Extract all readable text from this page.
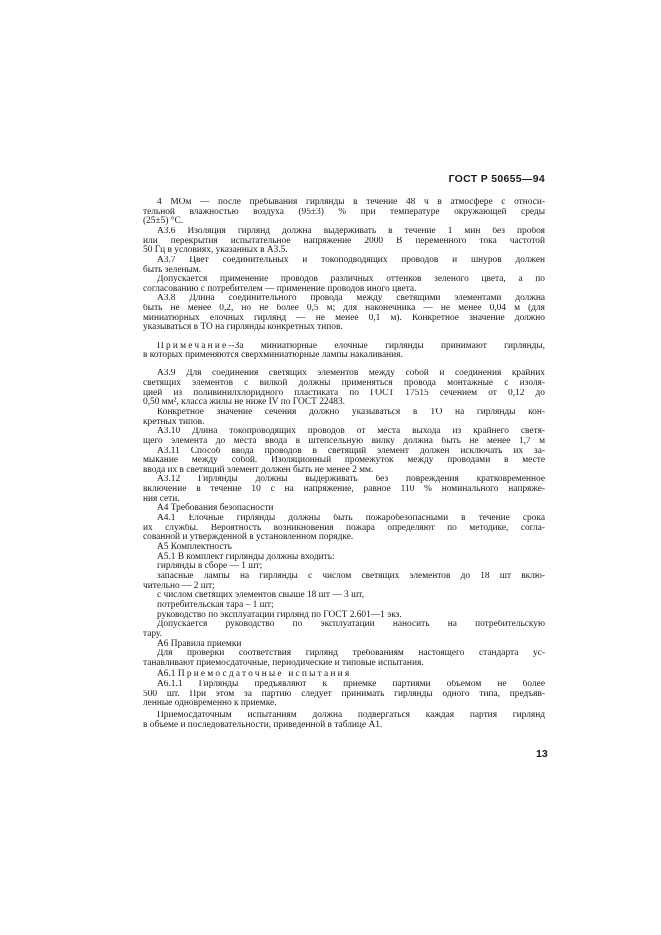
ГОСТ Р 50655—94
4 МОм — после пребывания гирлянды в течение 48 ч в атмосфере с относи-
тельной влажностью воздуха (95±3) % при температуре окружающей среды
(25±5) °C.
А3.6 Изоляция гирлянд должна выдерживать в течение 1 мин без пробоя
или перекрытия испытательное напряжение 2000 В переменного тока частотой
50 Гц в условиях, указанных в А3.5.
А3.7 Цвет соединительных и токоподводящих проводов и шнуров должен
быть зеленым.
Допускается применение проводов различных оттенков зеленого цвета, а по
согласованию с потребителем — применение проводов иного цвета.
А3.8 Длина соединительного провода между светящими элементами должна
быть не менее 0,2, но не более 0,5 м; для наконечника — не менее 0,04 м (для
миниатюрных елочных гирлянд — не менее 0,1 м). Конкретное значение должно
указываться в ТО на гирлянды конкретных типов.
Примечание--За миниатюрные елочные гирлянды принимают гирлянды,
в которых применяются сверхминиатюрные лампы накаливания.
А3.9 Для соединения светящих элементов между собой и соединения крайних
светящих элементов с вилкой должны применяться провода монтажные с изоля-
цией из поливинилхлоридного пластиката по ГОСТ 17515 сечением от 0,12 до
0,50 мм², класса жилы не ниже IV по ГОСТ 22483.
Конкретное значение сечения должно указываться в ТО на гирлянды кон-
кретных типов.
А3.10 Длина токопроводящих проводов от места выхода из крайнего светя-
щего элемента до места ввода в штепсельную вилку должна быть не менее 1,7 м
А3.11 Способ ввода проводов в светящий элемент должен исключать их за-
мыкание между собой. Изоляционный промежуток между проводами в месте
ввода их в светящий элемент должен быть не менее 2 мм.
А3.12 Гирлянды должны выдерживать без повреждения кратковременное
включение в течение 10 с на напряжение, равное 110 % номинального напряже-
ния сети.
А4 Требования безопасности
А4.1 Елочные гирлянды должны быть пожаробезопасными в течение срока
их службы. Вероятность возникновения пожара определяют по методике, согла-
сованной и утвержденной в установленном порядке.
А5 Комплектность
А5.1 В комплект гирлянды должны входить:
гирлянды в сборе — 1 шт;
запасные лампы на гирлянды с числом светящих элементов до 18 шт вклю-
чительно — 2 шт;
с числом светящих элементов свыше 18 шт — 3 шт,
потребительская тара – 1 шт;
руководство по эксплуатации гирлянд по ГОСТ 2.601—1 экз.
Допускается руководство по эксплуатации наносить на потребительскую
тару.
А6 Правила приемки
Для проверки соответствия гирлянд требованиям настоящего стандарта ус-
танавливают приемосдаточные, периодические и типовые испытания.
А6.1 Приемосдаточные испытания
А6.1.1 Гирлянды предъявляют к приемке партиями объемом не более
500 шт. При этом за партию следует принимать гирлянды одного типа, предъяв-
ленные одновременно к приемке.
Приемосдаточным испытаниям должна подвергаться каждая партия гирлянд
в объеме и последовательности, приведенной в таблице А1.
13
